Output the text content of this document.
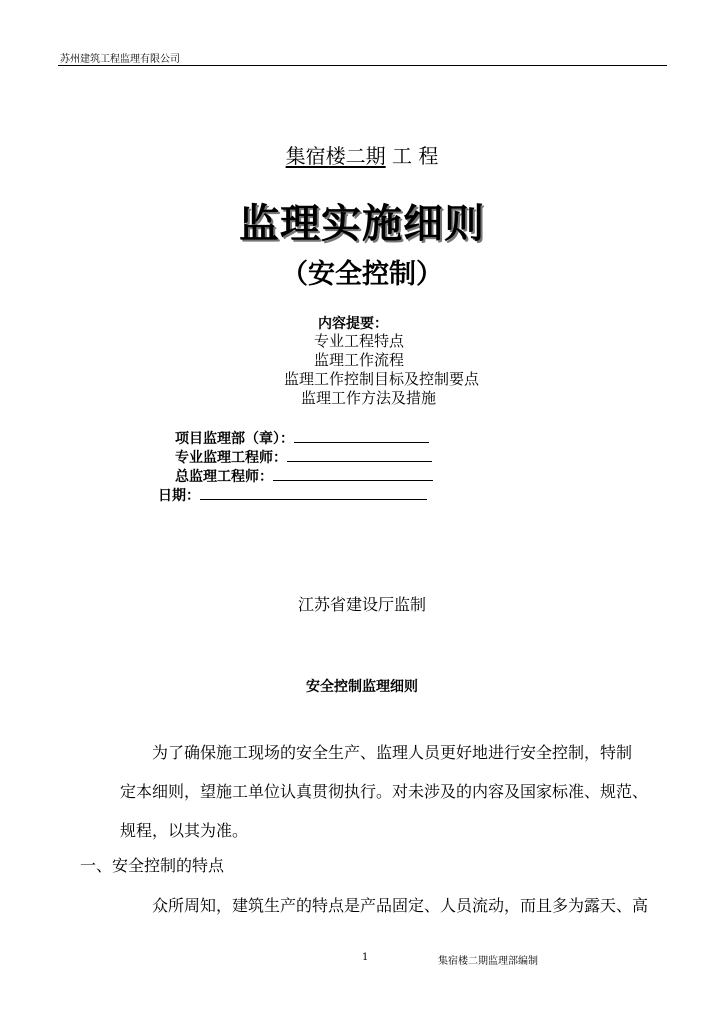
苏州建筑工程监理有限公司
集宿楼二期 工 程
监理实施细则
（安全控制）
内容提要：
专业工程特点
监理工作流程
监理工作控制目标及控制要点
监理工作方法及措施
项目监理部（章）：
专业监理工程师：
总监理工程师：
日期：
江苏省建设厅监制
安全控制监理细则
为了确保施工现场的安全生产、监理人员更好地进行安全控制，特制
定本细则，望施工单位认真贯彻执行。对未涉及的内容及国家标准、规范、
规程，以其为准。
一、安全控制的特点
众所周知，建筑生产的特点是产品固定、人员流动，而且多为露天、高
1	集宿楼二期监理部编制
